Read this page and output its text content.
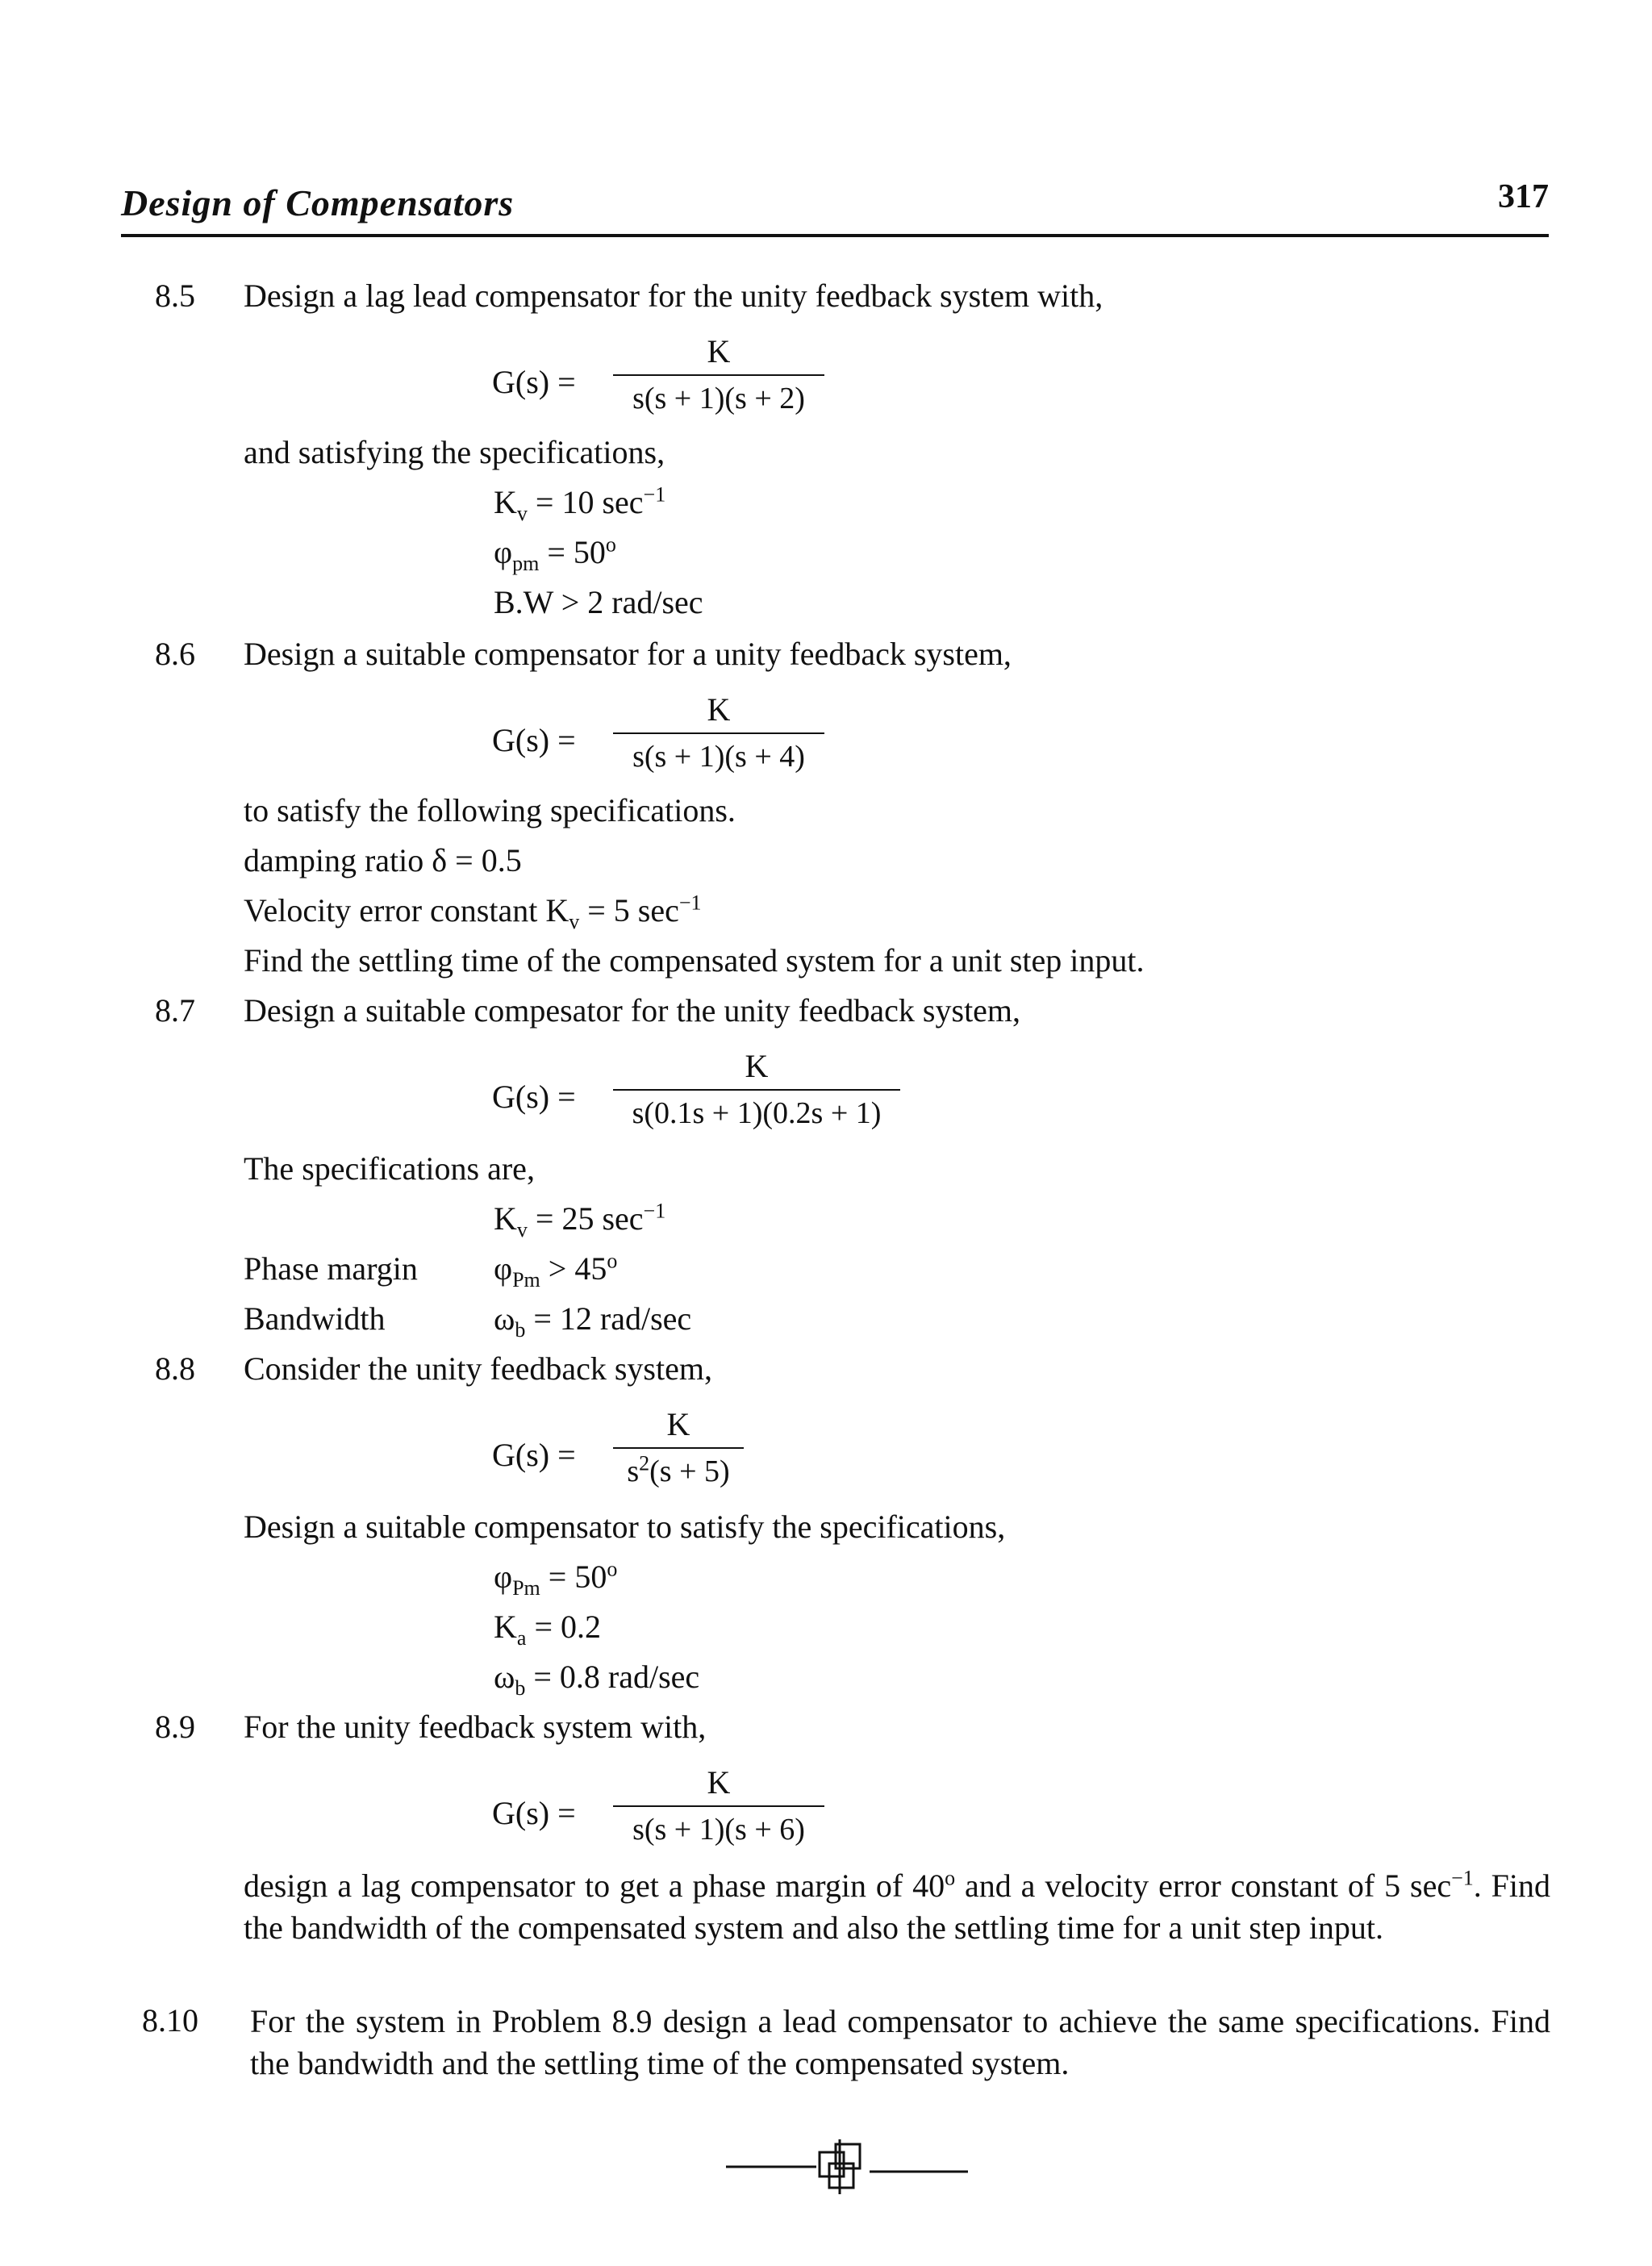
Design of Compensators	317
8.5 Design a lag lead compensator for the unity feedback system with,
G(s) =
K
s(s + 1)(s + 2)
and satisfying the specifications,
$K_v = 10$ $\sec^{-1}$
$\varphi_{pm} = 50^o$
B.W > 2 rad/sec
8.6 Design a suitable compensator for a unity feedback system,
G(s) =
K
s(s + 1)(s + 4)
to satisfy the following specifications.
damping ratio δ = 0.5
Velocity error constant $K_v = 5$ $\sec^{-1}$
Find the settling time of the compensated system for a unit step input.
8.7 Design a suitable compesator for the unity feedback system,
G(s) =
K
s(0.1s + 1)(0.2s + 1)
The specifications are,
$K_v = 25$ $\sec^{-1}$
Phase margin $\varphi_{Pm} > 45^o$
Bandwidth	$\omega_b = 12$ rad/sec
8.8 Consider the unity feedback system,
G(s) =
K
$s^2(s + 5)$
Design a suitable compensator to satisfy the specifications,
$\varphi_{Pm} = 50^o$
$K_a = 0.2$
$\omega_b = 0.8$ rad/sec
8.9 For the unity feedback system with,
G(s) =
K
s(s + 1)(s + 6)
design a lag compensator to get a phase margin of 40$^o$ and a velocity error constant of 5 $\sec^{-1}$. Find the bandwidth of the compensated system and also the settling time for a unit step input.
8.10 For the system in Problem 8.9 design a lead compensator to achieve the same specifications. Find the bandwidth and the settling time of the compensated system.
